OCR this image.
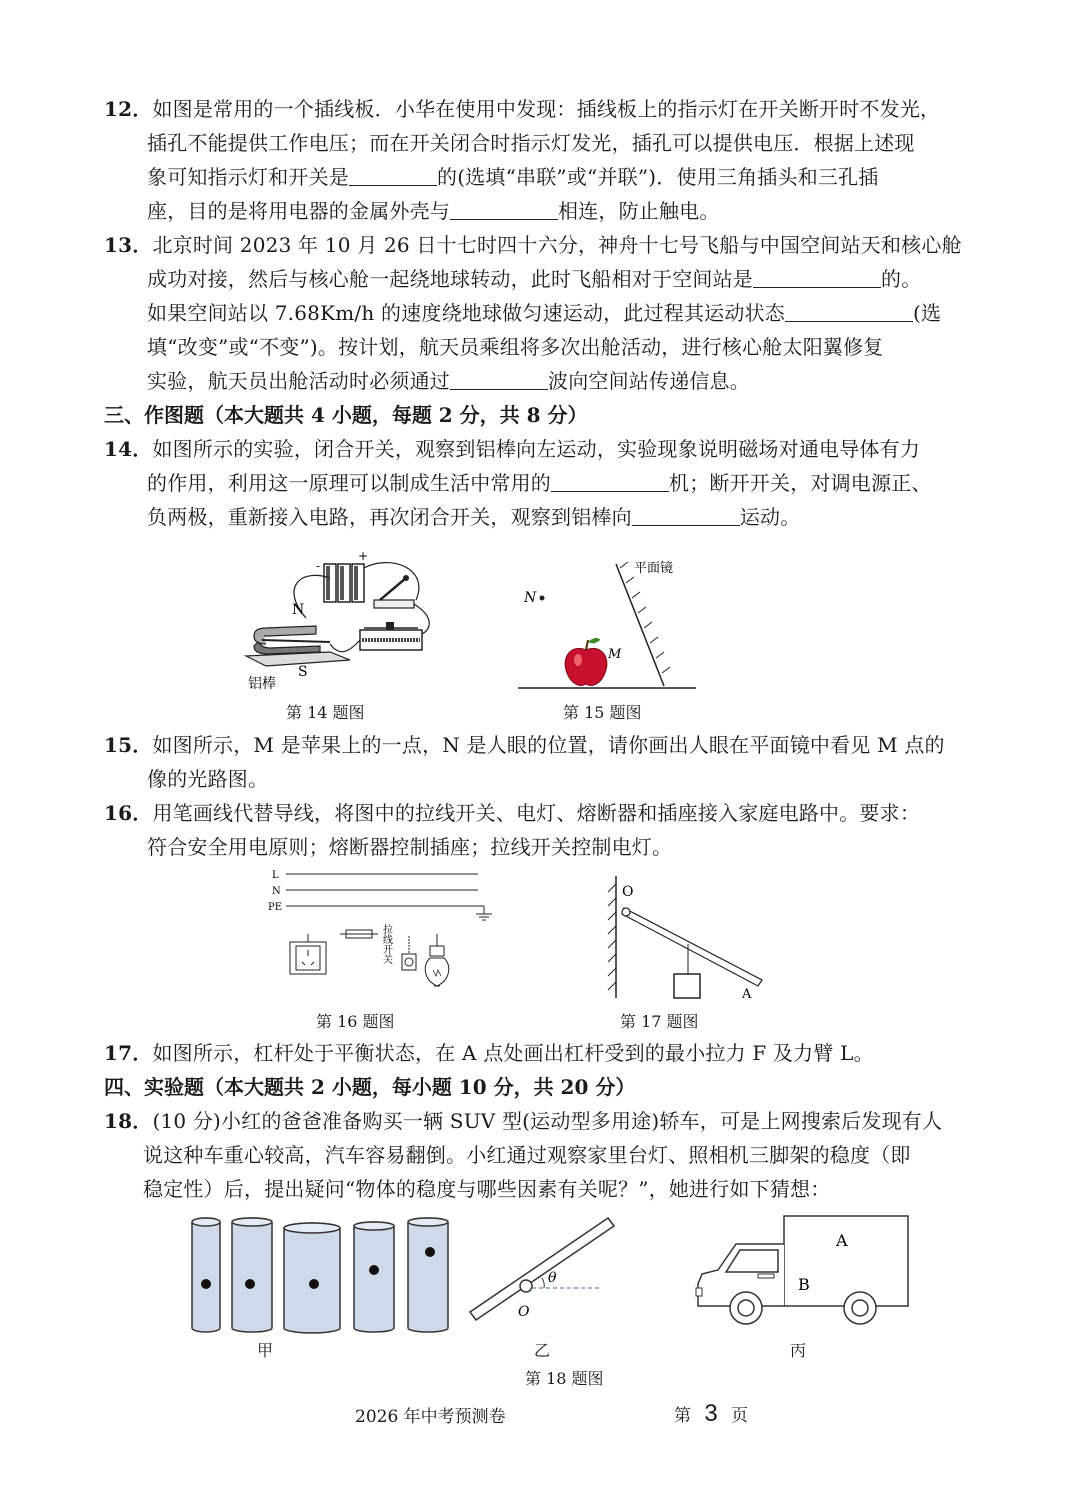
12．如图是常用的一个插线板．小华在使用中发现：插线板上的指示灯在开关断开时不发光，
插孔不能提供工作电压；而在开关闭合时指示灯发光，插孔可以提供电压．根据上述现
象可知指示灯和开关是	的(选填“串联”或“并联”)．使用三角插头和三孔插
座，目的是将用电器的金属外壳与	相连，防止触电。
13．北京时间 2023 年 10 月 26 日十七时四十六分，神舟十七号飞船与中国空间站天和核心舱
成功对接，然后与核心舱一起绕地球转动，此时飞船相对于空间站是	的。
如果空间站以 7.68Km/h 的速度绕地球做匀速运动，此过程其运动状态	(选
填“改变”或“不变”)。按计划，航天员乘组将多次出舱活动，进行核心舱太阳翼修复
实验，航天员出舱活动时必须通过	波向空间站传递信息。
三、作图题（本大题共 4 小题，每题 2 分，共 8 分）
14．如图所示的实验，闭合开关，观察到铝棒向左运动，实验现象说明磁场对通电导体有力
的作用，利用这一原理可以制成生活中常用的	机；断开开关，对调电源正、
负两极，重新接入电路，再次闭合开关，观察到铝棒向	运动。
+
-
N
S
铝棒
第 14 题图
平面镜
N
M
第 15 题图
15．如图所示，M 是苹果上的一点，N 是人眼的位置，请你画出人眼在平面镜中看见 M 点的
像的光路图。
16．用笔画线代替导线，将图中的拉线开关、电灯、熔断器和插座接入家庭电路中。要求：
符合安全用电原则；熔断器控制插座；拉线开关控制电灯。
L
N
PE
拉线开关
第 16 题图
O
A
第 17 题图
17．如图所示，杠杆处于平衡状态，在 A 点处画出杠杆受到的最小拉力 F 及力臂 L。
四、实验题（本大题共 2 小题，每小题 10 分，共 20 分）
18．(10 分)小红的爸爸准备购买一辆 SUV 型(运动型多用途)轿车，可是上网搜索后发现有人
说这种车重心较高，汽车容易翻倒。小红通过观察家里台灯、照相机三脚架的稳度（即
稳定性）后，提出疑问“物体的稳度与哪些因素有关呢？”，她进行如下猜想：
甲
θ
O
乙
A
B
丙
第 18 题图
2026 年中考预测卷	第 3 页
